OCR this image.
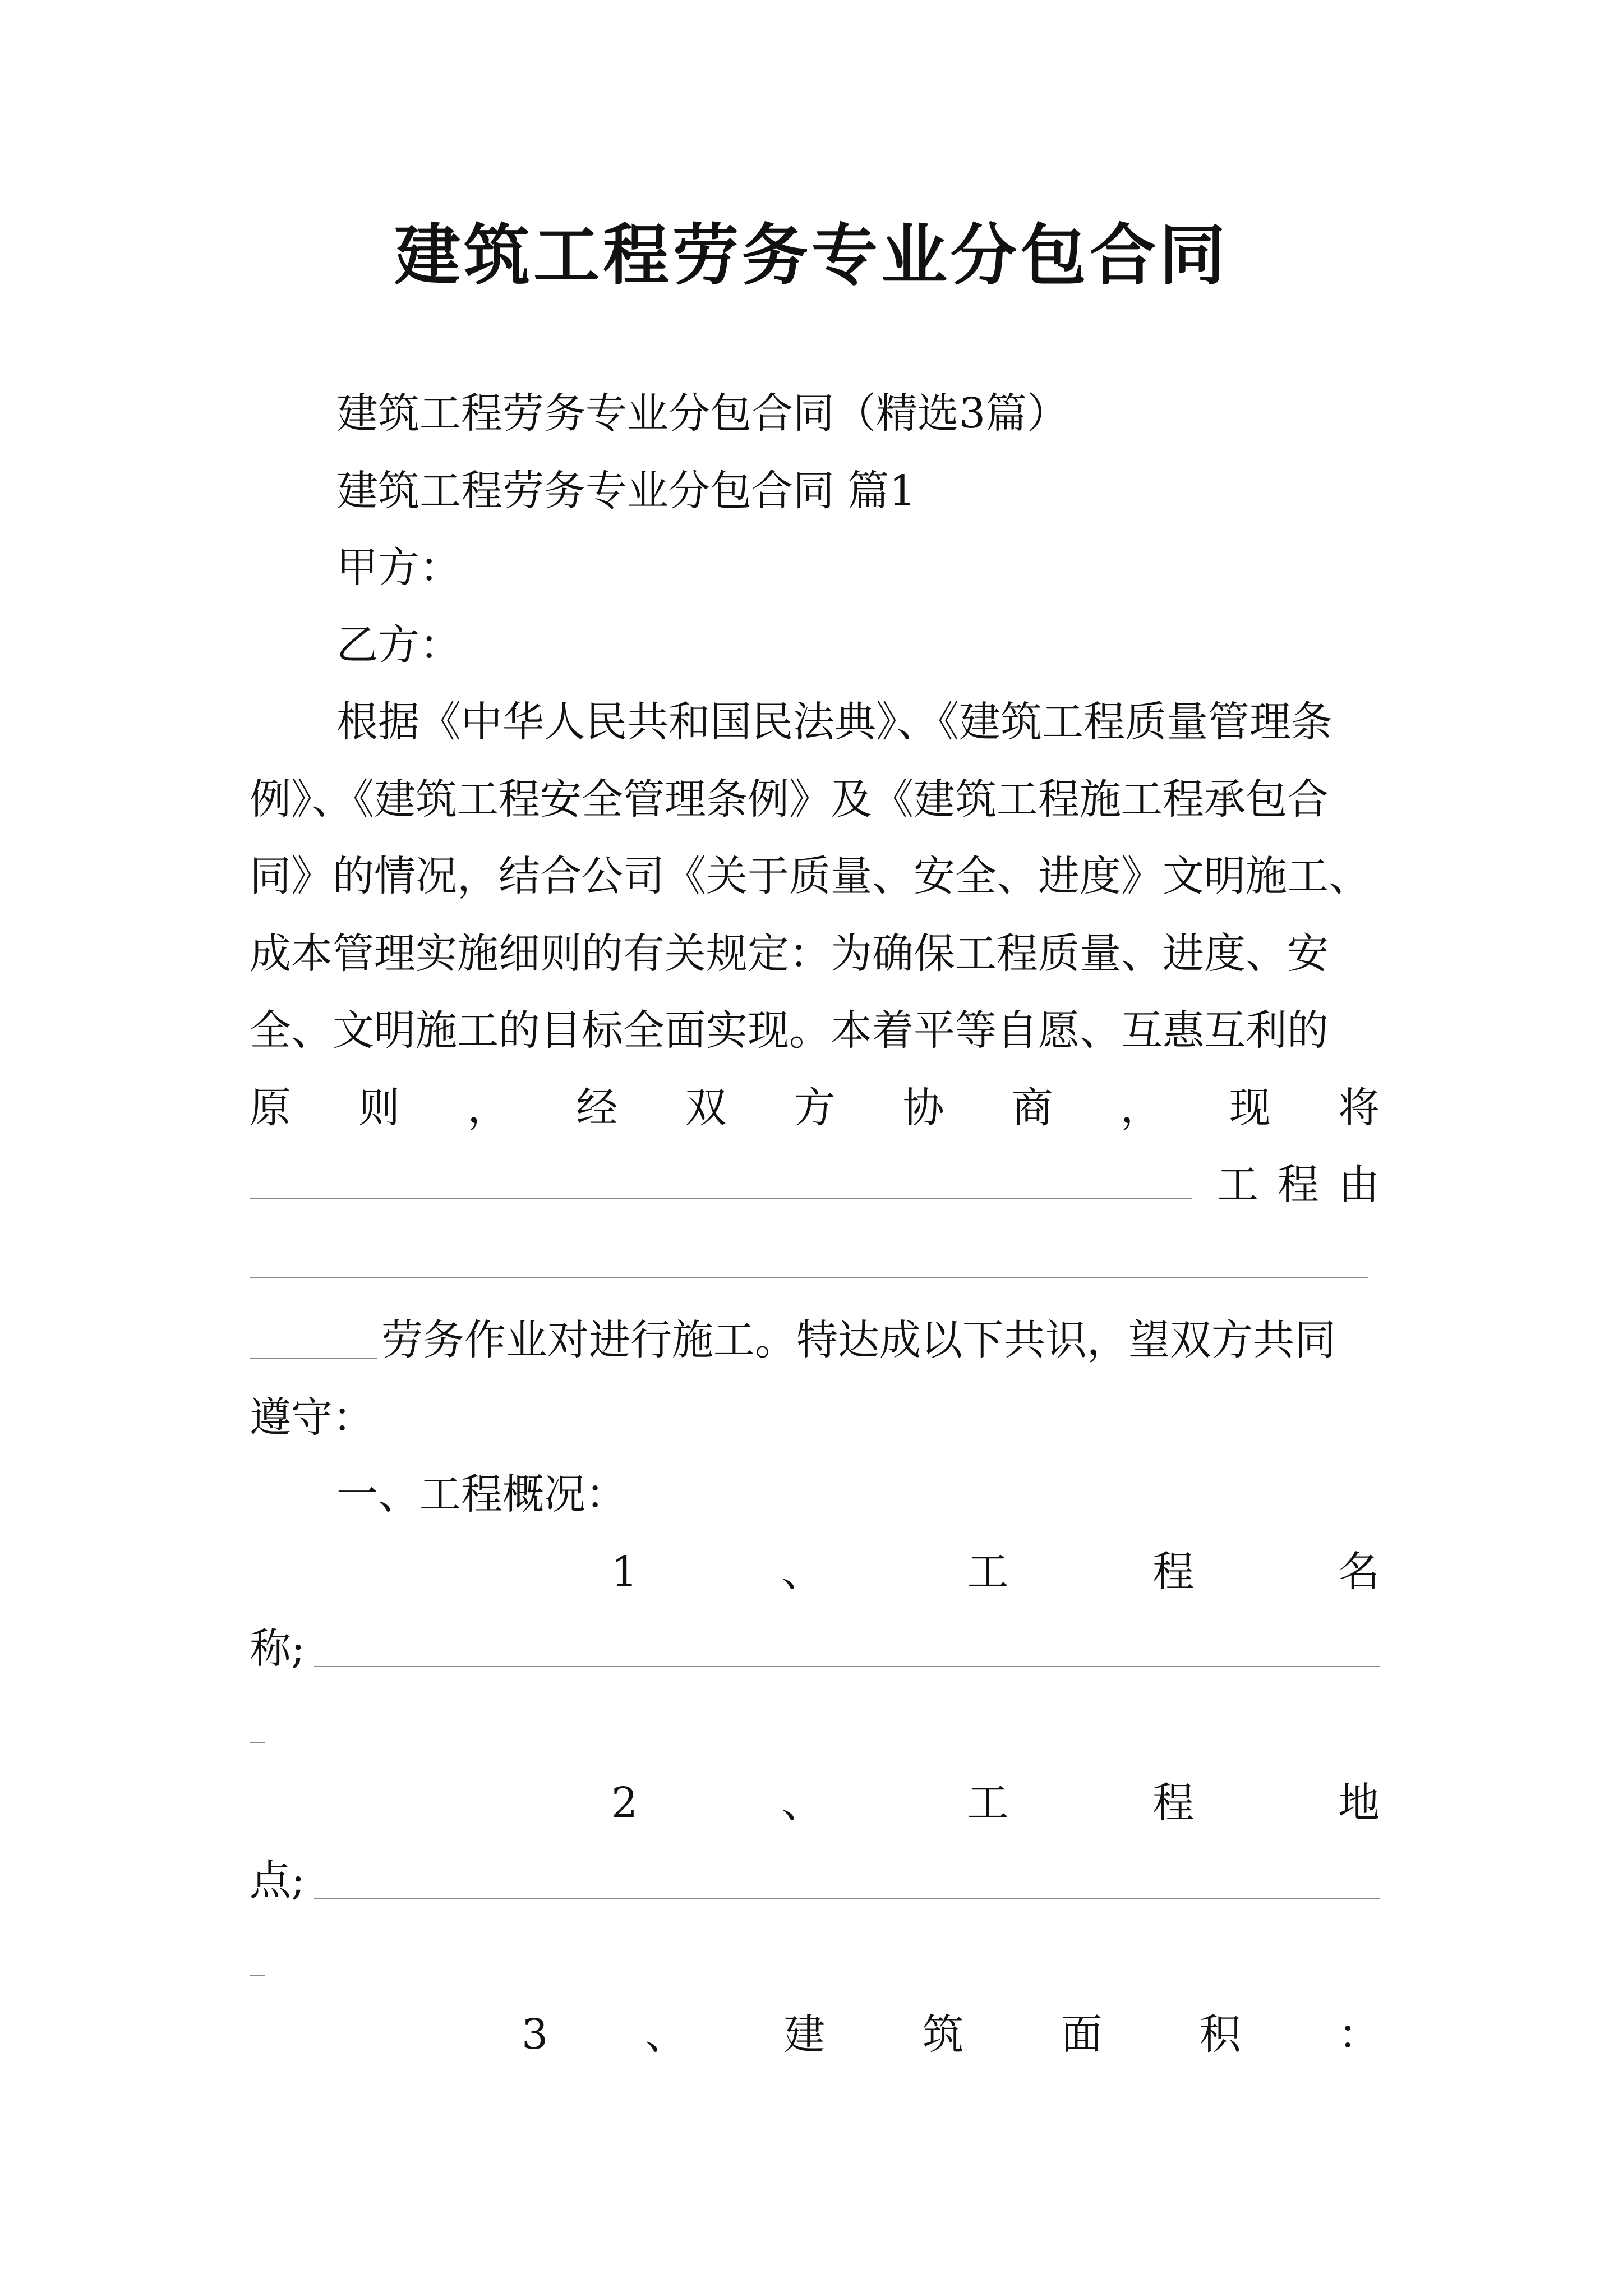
建筑工程劳务专业分包合同
建筑工程劳务专业分包合同（精选3篇）
建筑工程劳务专业分包合同 篇1
甲方：
乙方：
根据《中华人民共和国民法典》、《建筑工程质量管理条
例》、《建筑工程安全管理条例》及《建筑工程施工程承包合
同》的情况，结合公司《关于质量、安全、进度》文明施工、
成本管理实施细则的有关规定：为确保工程质量、进度、安
全、文明施工的目标全面实现。本着平等自愿、互惠互利的
原 则 ， 经 双 方 协 商 ， 现 将
工 程 由
劳务作业对进行施工。特达成以下共识，望双方共同
遵守：
一、工程概况：
1	、	工	程	名
称;
2	、	工	程	地
点;
3 、 建 筑 面 积 ：
